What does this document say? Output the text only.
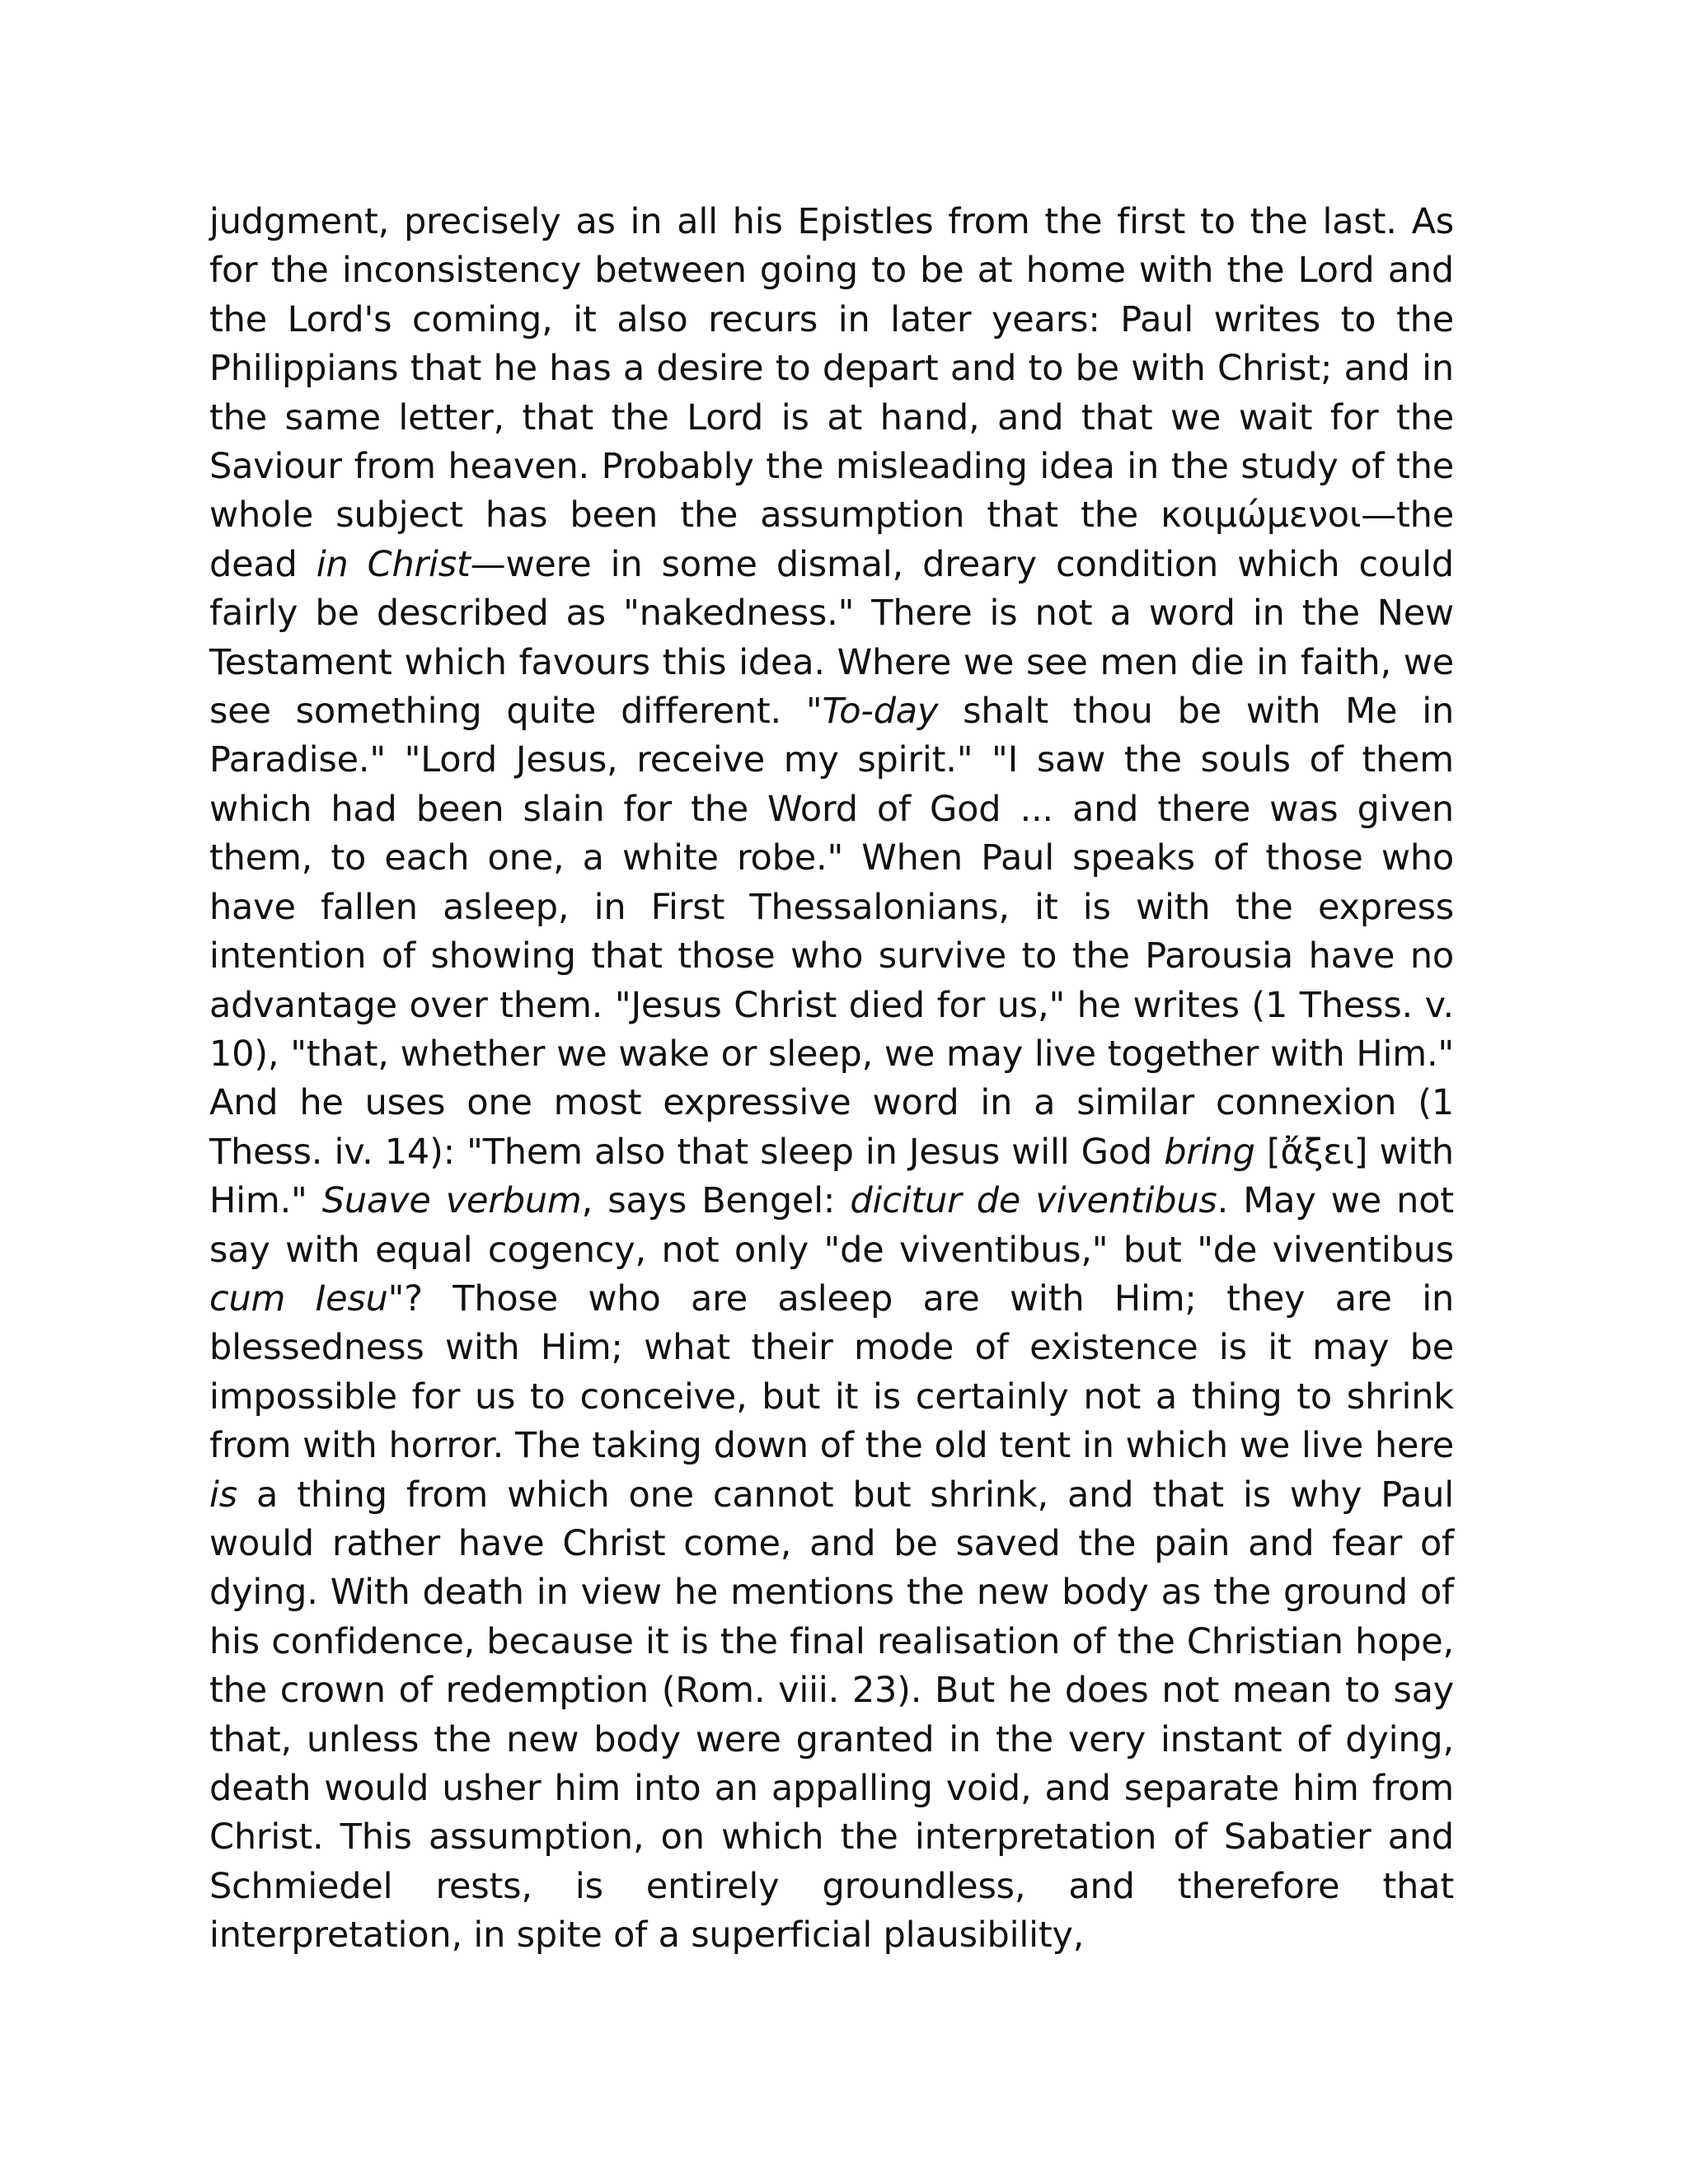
judgment, precisely as in all his Epistles from the first to the last. As for the inconsistency between going to be at home with the Lord and the Lord's coming, it also recurs in later years: Paul writes to the Philippians that he has a desire to depart and to be with Christ; and in the same letter, that the Lord is at hand, and that we wait for the Saviour from heaven. Probably the misleading idea in the study of the whole subject has been the assumption that the κοιμώμενοι—the dead in Christ—were in some dismal, dreary condition which could fairly be described as "nakedness." There is not a word in the New Testament which favours this idea. Where we see men die in faith, we see something quite different. "To-day shalt thou be with Me in Paradise." "Lord Jesus, receive my spirit." "I saw the souls of them which had been slain for the Word of God ... and there was given them, to each one, a white robe." When Paul speaks of those who have fallen asleep, in First Thessalonians, it is with the express intention of showing that those who survive to the Parousia have no advantage over them. "Jesus Christ died for us," he writes (1 Thess. v. 10), "that, whether we wake or sleep, we may live together with Him." And he uses one most expressive word in a similar connexion (1 Thess. iv. 14): "Them also that sleep in Jesus will God bring [ἄξει] with Him." Suave verbum, says Bengel: dicitur de viventibus. May we not say with equal cogency, not only "de viventibus," but "de viventibus cum Iesu"? Those who are asleep are with Him; they are in blessedness with Him; what their mode of existence is it may be impossible for us to conceive, but it is certainly not a thing to shrink from with horror. The taking down of the old tent in which we live here is a thing from which one cannot but shrink, and that is why Paul would rather have Christ come, and be saved the pain and fear of dying. With death in view he mentions the new body as the ground of his confidence, because it is the final realisation of the Christian hope, the crown of redemption (Rom. viii. 23). But he does not mean to say that, unless the new body were granted in the very instant of dying, death would usher him into an appalling void, and separate him from Christ. This assumption, on which the interpretation of Sabatier and Schmiedel rests, is entirely groundless, and therefore that interpretation, in spite of a superficial plausibility,
